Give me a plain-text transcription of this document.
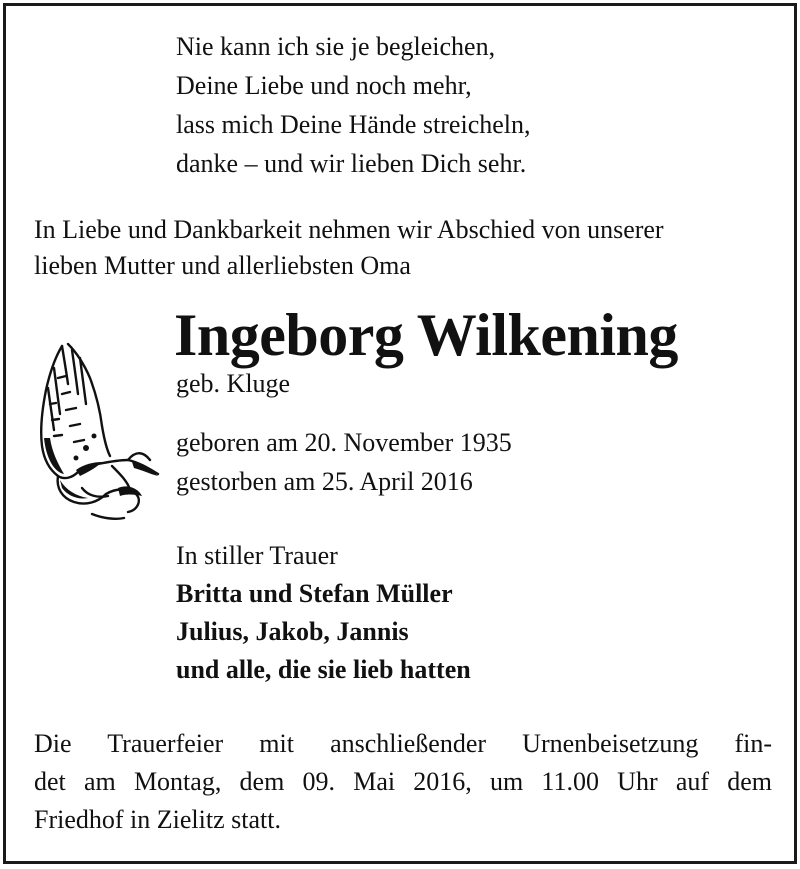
Nie kann ich sie je begleichen,
Deine Liebe und noch mehr,
lass mich Deine Hände streicheln,
danke – und wir lieben Dich sehr.
In Liebe und Dankbarkeit nehmen wir Abschied von unserer
lieben Mutter und allerliebsten Oma
Ingeborg Wilkening
geb. Kluge
geboren am 20. November 1935
gestorben am 25. April 2016
In stiller Trauer
Britta und Stefan Müller
Julius, Jakob, Jannis
und alle, die sie lieb hatten
Die Trauerfeier mit anschließender Urnenbeisetzung fin-
det am Montag, dem 09. Mai 2016, um 11.00 Uhr auf dem
Friedhof in Zielitz statt.
